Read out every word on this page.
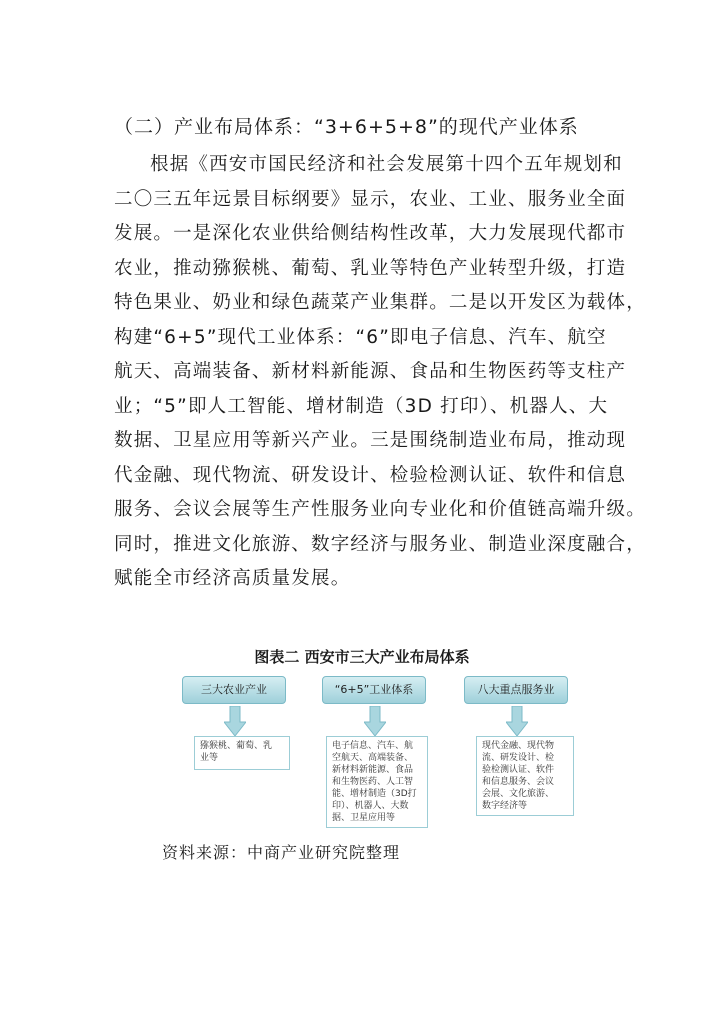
（二）产业布局体系：“3+6+5+8”的现代产业体系
根据《西安市国民经济和社会发展第十四个五年规划和
二〇三五年远景目标纲要》显示，农业、工业、服务业全面
发展。一是深化农业供给侧结构性改革，大力发展现代都市
农业，推动猕猴桃、葡萄、乳业等特色产业转型升级，打造
特色果业、奶业和绿色蔬菜产业集群。二是以开发区为载体，
构建“6+5”现代工业体系：“6”即电子信息、汽车、航空
航天、高端装备、新材料新能源、食品和生物医药等支柱产
业；“5”即人工智能、增材制造（3D 打印）、机器人、大
数据、卫星应用等新兴产业。三是围绕制造业布局，推动现
代金融、现代物流、研发设计、检验检测认证、软件和信息
服务、会议会展等生产性服务业向专业化和价值链高端升级。
同时，推进文化旅游、数字经济与服务业、制造业深度融合，
赋能全市经济高质量发展。
图表二 西安市三大产业布局体系
三大农业产业
猕猴桃、葡萄、乳
业等
“6+5”工业体系
电子信息、汽车、航
空航天、高端装备、
新材料新能源、食品
和生物医药、人工智
能、增材制造（3D打
印）、机器人、大数
据、卫星应用等
八大重点服务业
现代金融、现代物
流、研发设计、检
验检测认证、软件
和信息服务、会议
会展、文化旅游、
数字经济等
资料来源：中商产业研究院整理
